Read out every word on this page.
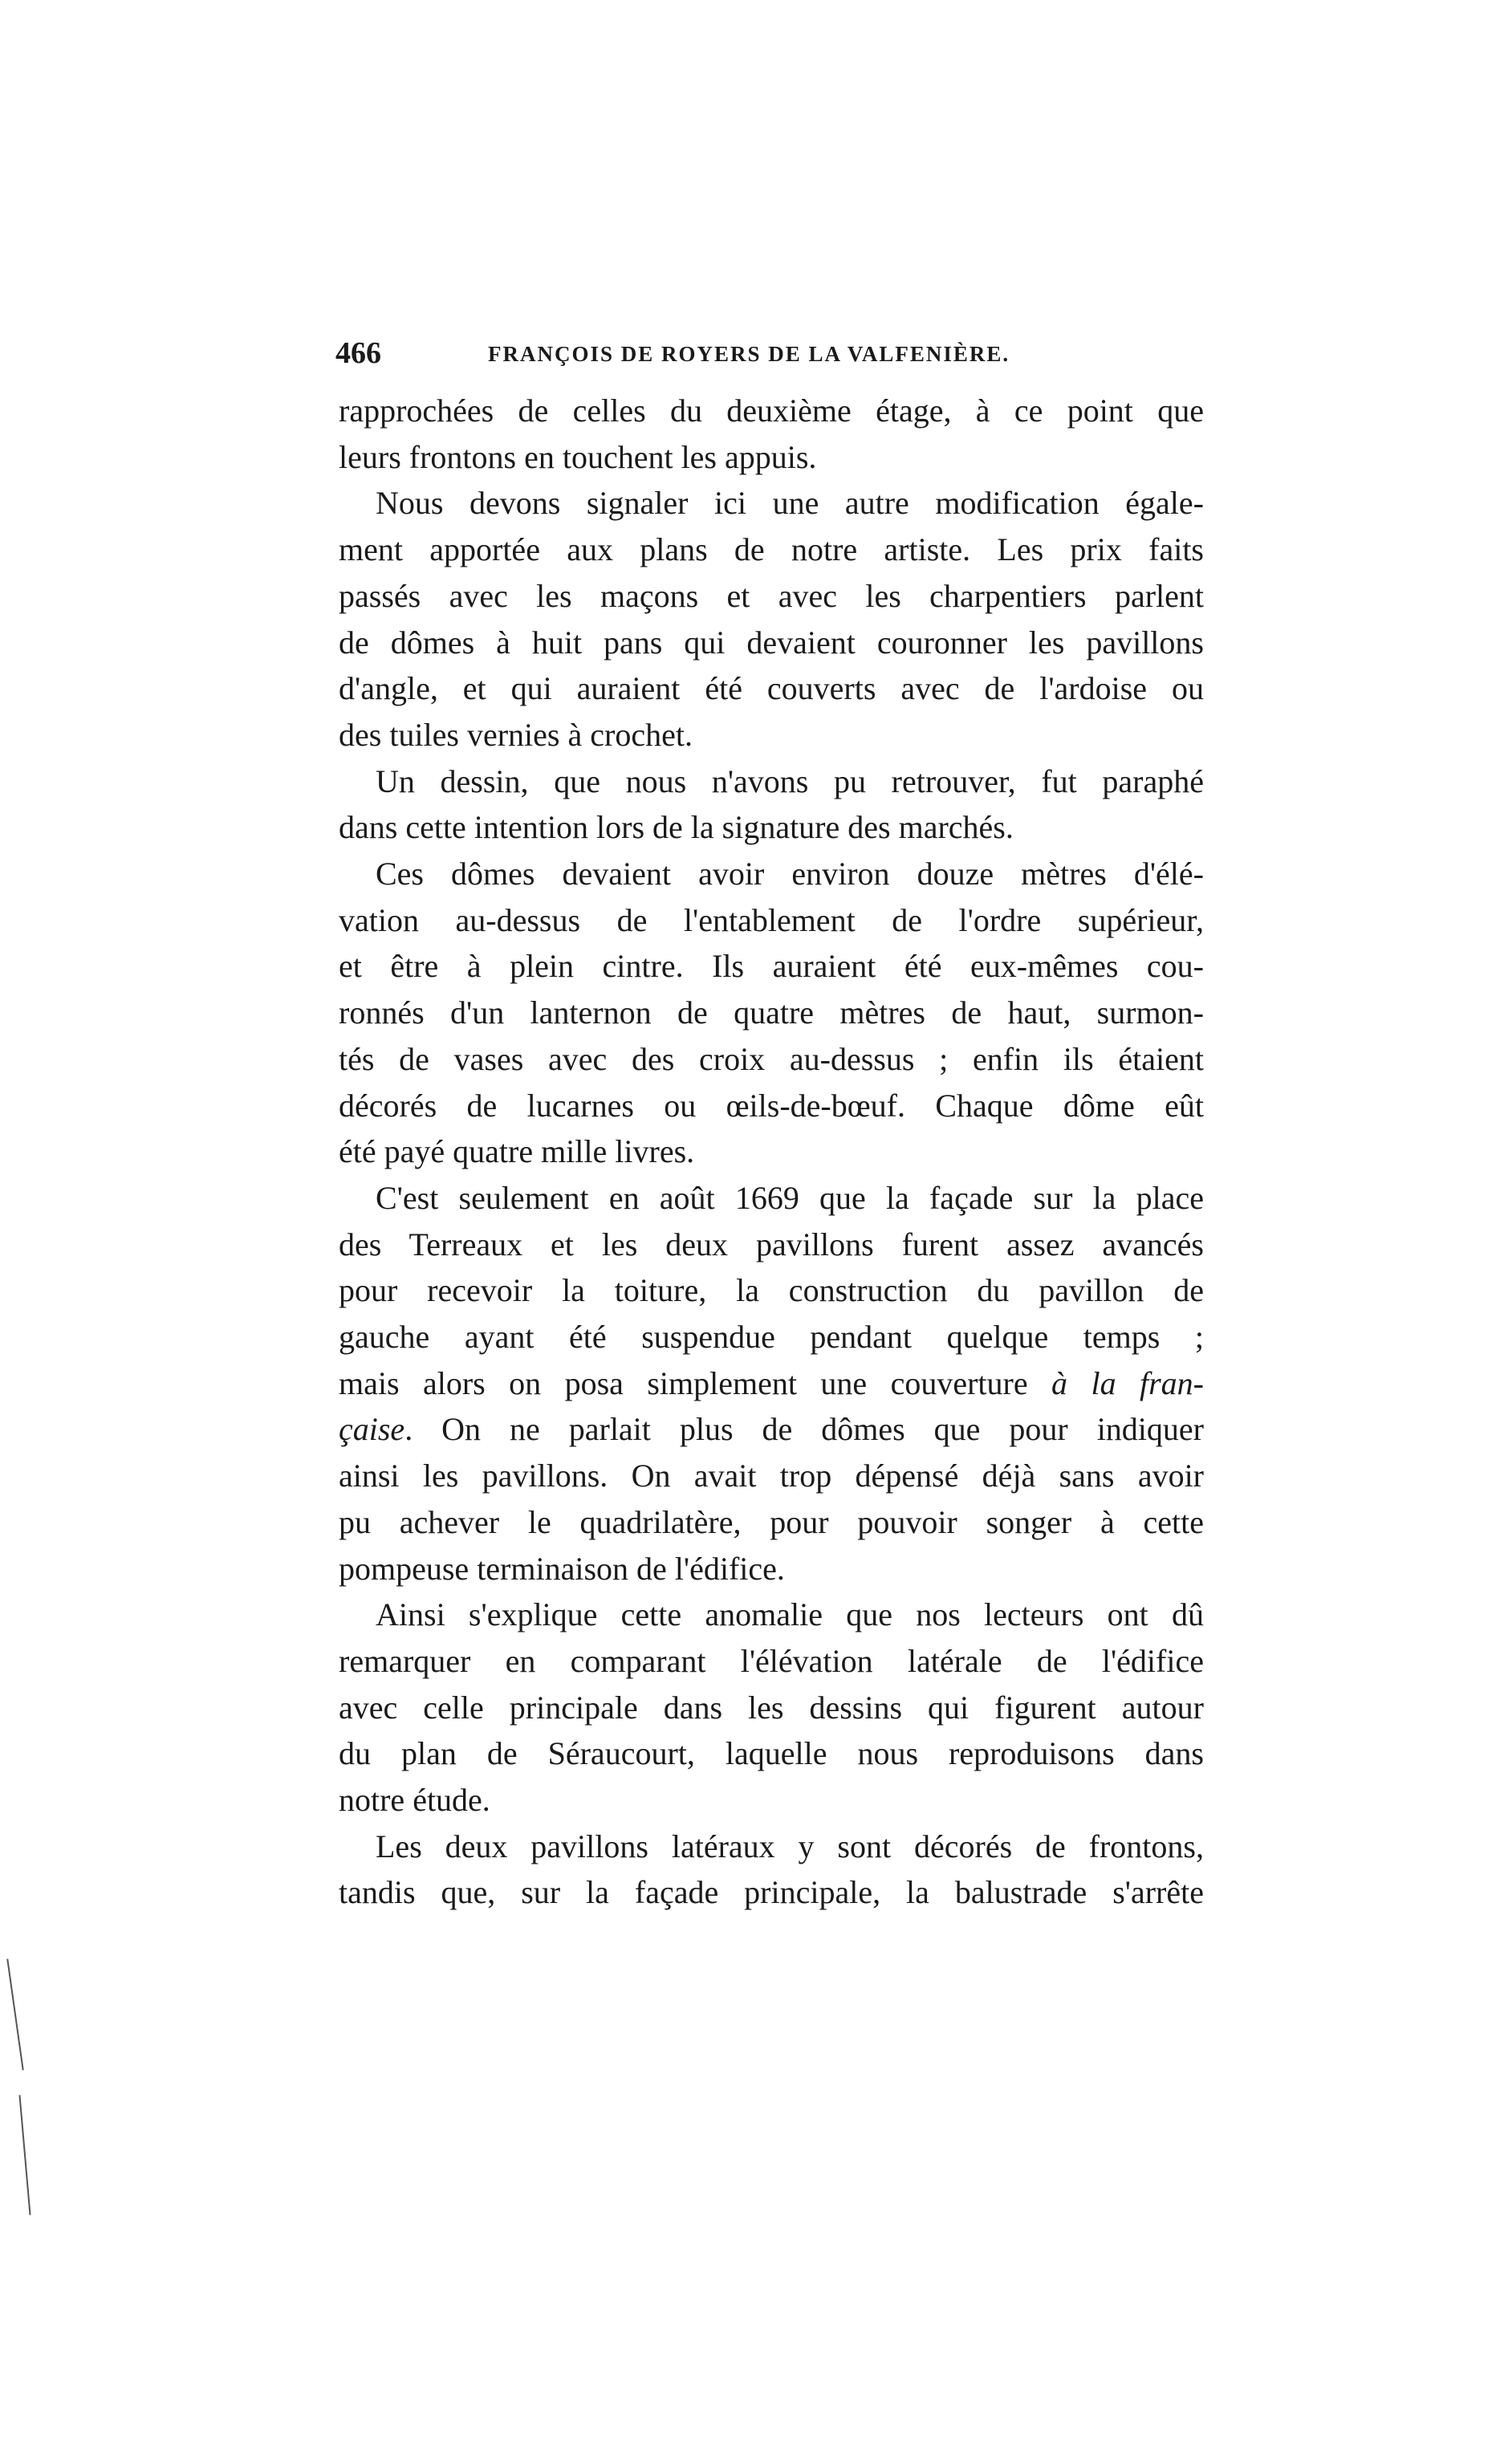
466	FRANÇOIS DE ROYERS DE LA VALFENIÈRE.
rapprochées de celles du deuxième étage, à ce point que
leurs frontons en touchent les appuis.
Nous devons signaler ici une autre modification égale-
ment apportée aux plans de notre artiste. Les prix faits
passés avec les maçons et avec les charpentiers parlent
de dômes à huit pans qui devaient couronner les pavillons
d'angle, et qui auraient été couverts avec de l'ardoise ou
des tuiles vernies à crochet.
Un dessin, que nous n'avons pu retrouver, fut paraphé
dans cette intention lors de la signature des marchés.
Ces dômes devaient avoir environ douze mètres d'élé-
vation au-dessus de l'entablement de l'ordre supérieur,
et être à plein cintre. Ils auraient été eux-mêmes cou-
ronnés d'un lanternon de quatre mètres de haut, surmon-
tés de vases avec des croix au-dessus ; enfin ils étaient
décorés de lucarnes ou œils-de-bœuf. Chaque dôme eût
été payé quatre mille livres.
C'est seulement en août 1669 que la façade sur la place
des Terreaux et les deux pavillons furent assez avancés
pour recevoir la toiture, la construction du pavillon de
gauche ayant été suspendue pendant quelque temps ;
mais alors on posa simplement une couverture à la fran-
çaise. On ne parlait plus de dômes que pour indiquer
ainsi les pavillons. On avait trop dépensé déjà sans avoir
pu achever le quadrilatère, pour pouvoir songer à cette
pompeuse terminaison de l'édifice.
Ainsi s'explique cette anomalie que nos lecteurs ont dû
remarquer en comparant l'élévation latérale de l'édifice
avec celle principale dans les dessins qui figurent autour
du plan de Séraucourt, laquelle nous reproduisons dans
notre étude.
Les deux pavillons latéraux y sont décorés de frontons,
tandis que, sur la façade principale, la balustrade s'arrête
